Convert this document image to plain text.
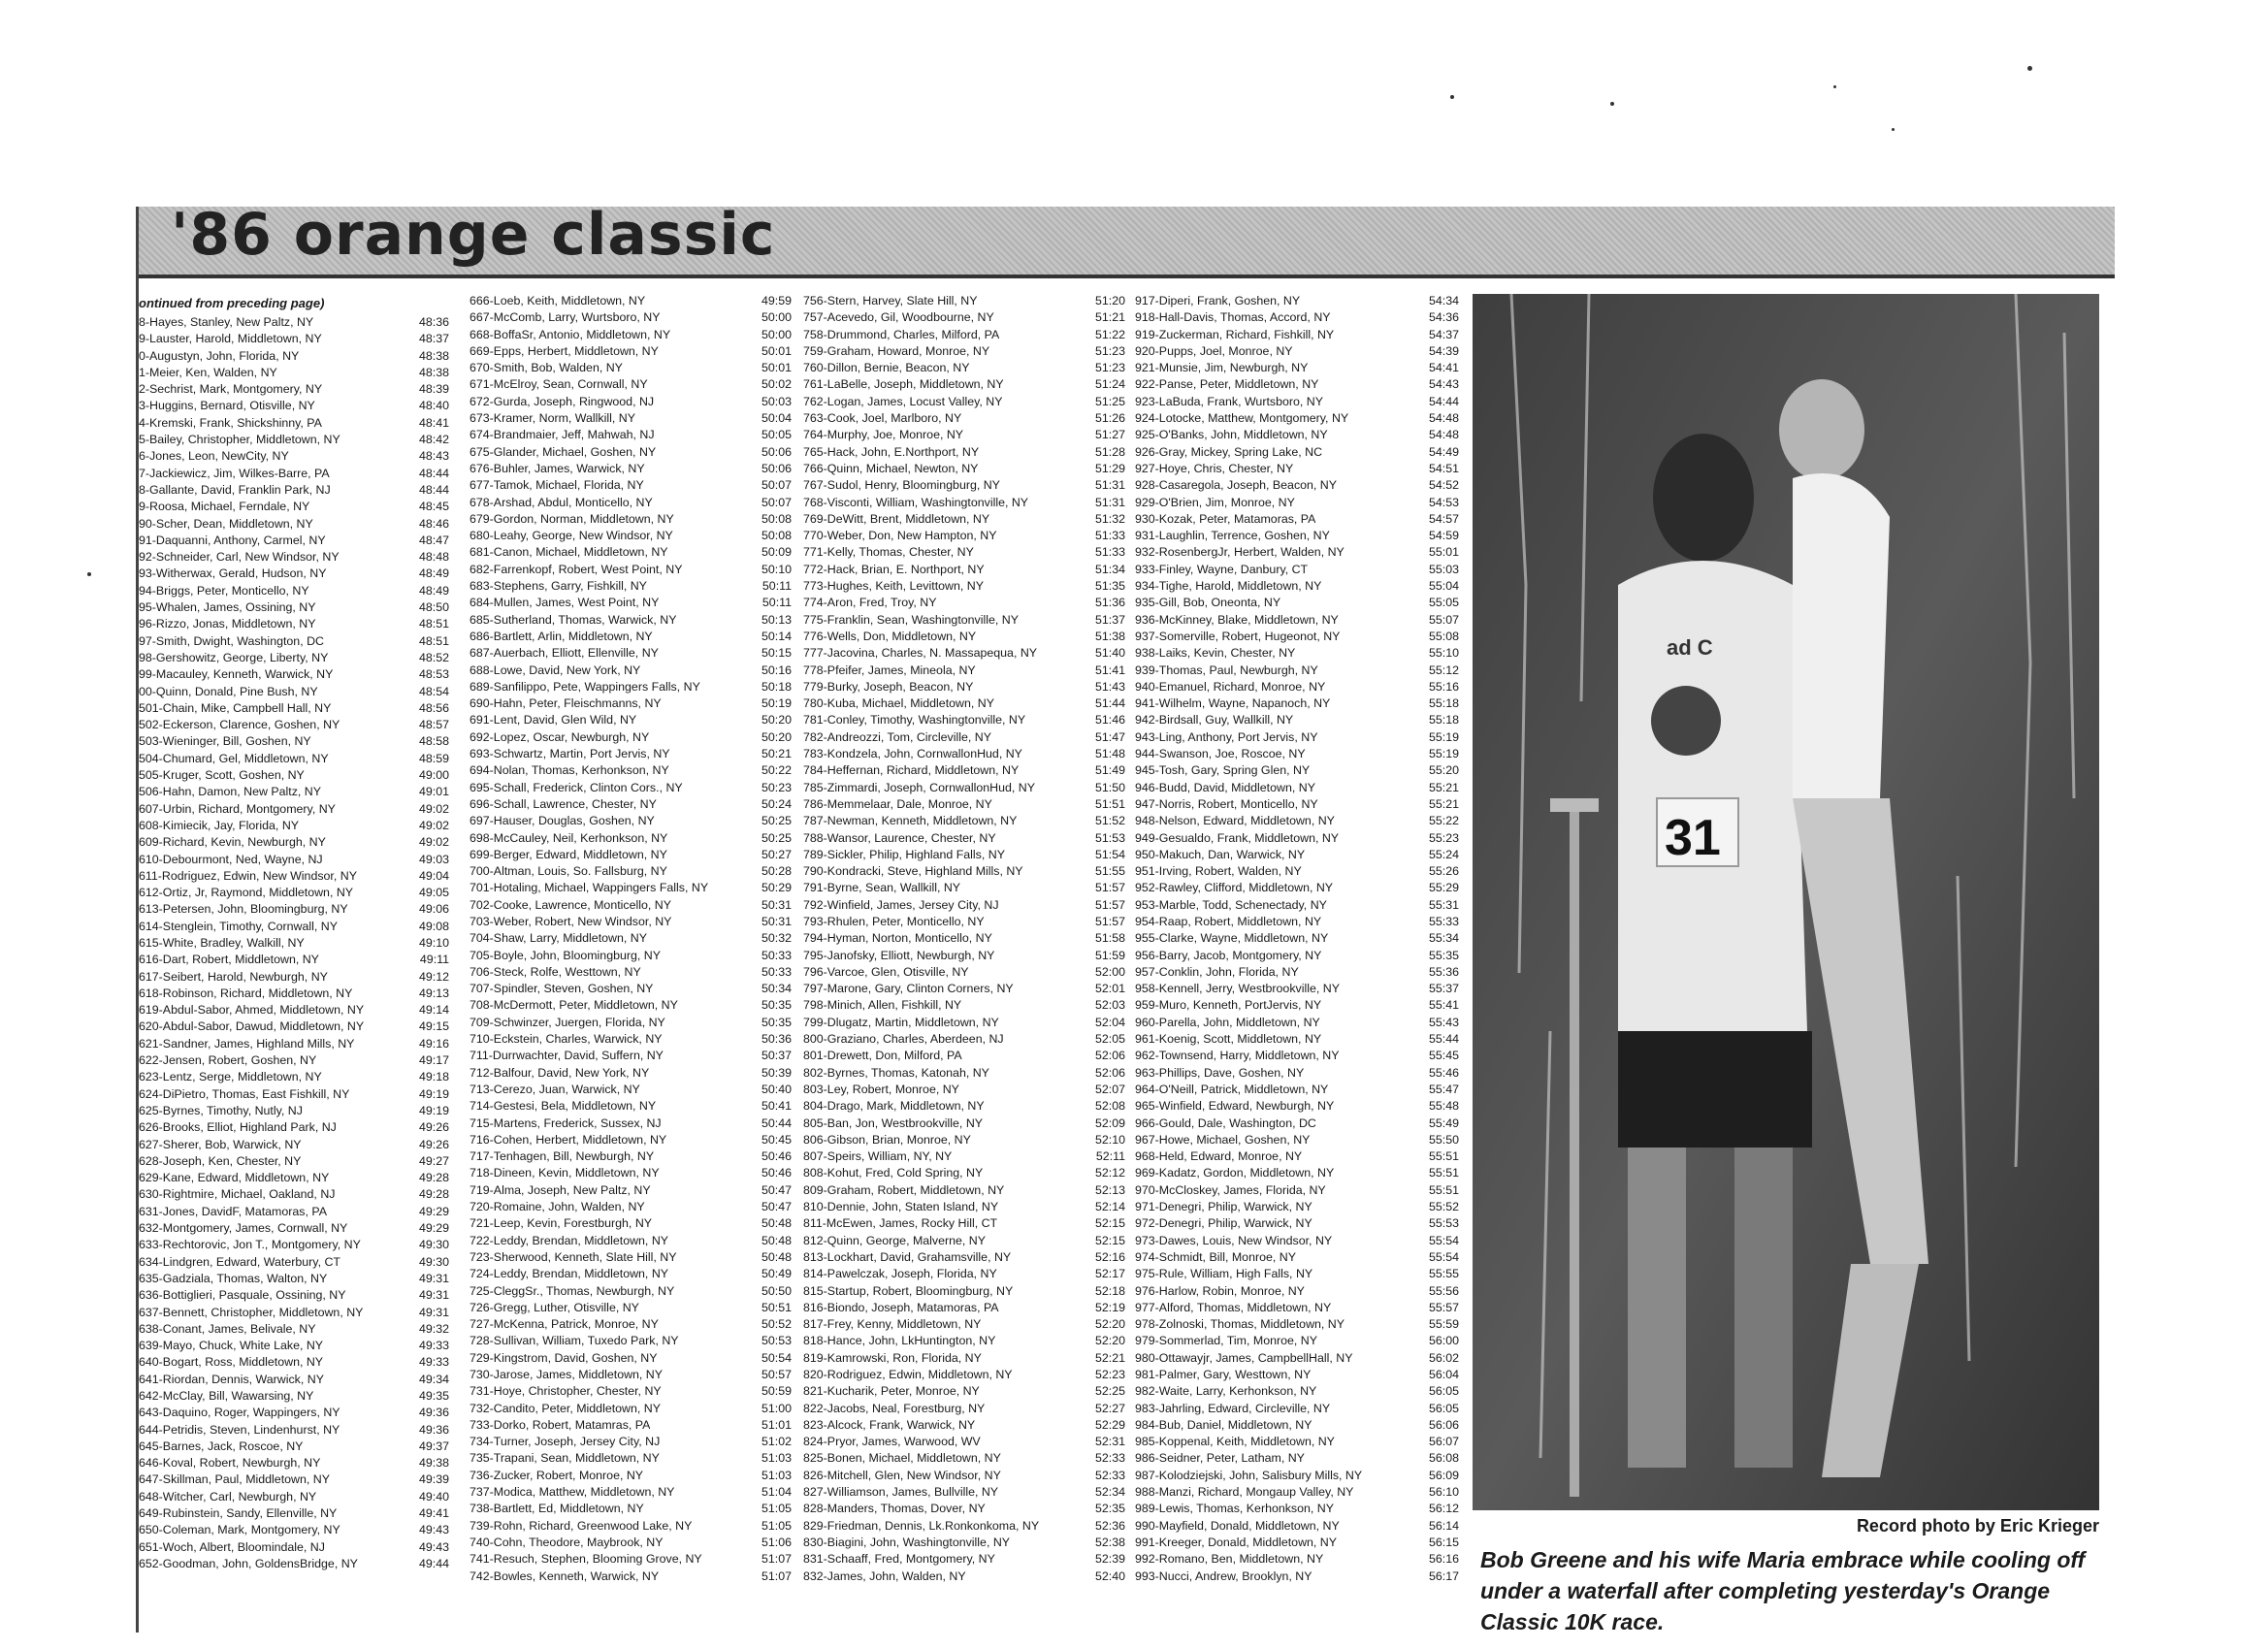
'86 orange classic
ontinued from preceding page)
8-Hayes, Stanley, New Paltz, NY	48:36
9-Lauster, Harold, Middletown, NY	48:37
0-Augustyn, John, Florida, NY	48:38
1-Meier, Ken, Walden, NY	48:38
2-Sechrist, Mark, Montgomery, NY	48:39
3-Huggins, Bernard, Otisville, NY	48:40
4-Kremski, Frank, Shickshinny, PA	48:41
5-Bailey, Christopher, Middletown, NY	48:42
6-Jones, Leon, NewCity, NY	48:43
7-Jackiewicz, Jim, Wilkes-Barre, PA	48:44
8-Gallante, David, Franklin Park, NJ	48:44
9-Roosa, Michael, Ferndale, NY	48:45
90-Scher, Dean, Middletown, NY	48:46
91-Daquanni, Anthony, Carmel, NY	48:47
92-Schneider, Carl, New Windsor, NY	48:48
93-Witherwax, Gerald, Hudson, NY	48:49
94-Briggs, Peter, Monticello, NY	48:49
95-Whalen, James, Ossining, NY	48:50
96-Rizzo, Jonas, Middletown, NY	48:51
97-Smith, Dwight, Washington, DC	48:51
98-Gershowitz, George, Liberty, NY	48:52
99-Macauley, Kenneth, Warwick, NY	48:53
00-Quinn, Donald, Pine Bush, NY	48:54
501-Chain, Mike, Campbell Hall, NY	48:56
502-Eckerson, Clarence, Goshen, NY	48:57
503-Wieninger, Bill, Goshen, NY	48:58
504-Chumard, Gel, Middletown, NY	48:59
505-Kruger, Scott, Goshen, NY	49:00
506-Hahn, Damon, New Paltz, NY	49:01
607-Urbin, Richard, Montgomery, NY	49:02
608-Kimiecik, Jay, Florida, NY	49:02
609-Richard, Kevin, Newburgh, NY	49:02
610-Debourmont, Ned, Wayne, NJ	49:03
611-Rodriguez, Edwin, New Windsor, NY	49:04
612-Ortiz, Jr, Raymond, Middletown, NY	49:05
613-Petersen, John, Bloomingburg, NY	49:06
614-Stenglein, Timothy, Cornwall, NY	49:08
615-White, Bradley, Walkill, NY	49:10
616-Dart, Robert, Middletown, NY	49:11
617-Seibert, Harold, Newburgh, NY	49:12
618-Robinson, Richard, Middletown, NY	49:13
619-Abdul-Sabor, Ahmed, Middletown, NY	49:14
620-Abdul-Sabor, Dawud, Middletown, NY	49:15
621-Sandner, James, Highland Mills, NY	49:16
622-Jensen, Robert, Goshen, NY	49:17
623-Lentz, Serge, Middletown, NY	49:18
624-DiPietro, Thomas, East Fishkill, NY	49:19
625-Byrnes, Timothy, Nutly, NJ	49:19
626-Brooks, Elliot, Highland Park, NJ	49:26
627-Sherer, Bob, Warwick, NY	49:26
628-Joseph, Ken, Chester, NY	49:27
629-Kane, Edward, Middletown, NY	49:28
630-Rightmire, Michael, Oakland, NJ	49:28
631-Jones, DavidF, Matamoras, PA	49:29
632-Montgomery, James, Cornwall, NY	49:29
633-Rechtorovic, Jon T., Montgomery, NY	49:30
634-Lindgren, Edward, Waterbury, CT	49:30
635-Gadziala, Thomas, Walton, NY	49:31
636-Bottiglieri, Pasquale, Ossining, NY	49:31
637-Bennett, Christopher, Middletown, NY	49:31
638-Conant, James, Belivale, NY	49:32
639-Mayo, Chuck, White Lake, NY	49:33
640-Bogart, Ross, Middletown, NY	49:33
641-Riordan, Dennis, Warwick, NY	49:34
642-McClay, Bill, Wawarsing, NY	49:35
643-Daquino, Roger, Wappingers, NY	49:36
644-Petridis, Steven, Lindenhurst, NY	49:36
645-Barnes, Jack, Roscoe, NY	49:37
646-Koval, Robert, Newburgh, NY	49:38
647-Skillman, Paul, Middletown, NY	49:39
648-Witcher, Carl, Newburgh, NY	49:40
649-Rubinstein, Sandy, Ellenville, NY	49:41
650-Coleman, Mark, Montgomery, NY	49:43
651-Woch, Albert, Bloomindale, NJ	49:43
652-Goodman, John, GoldensBridge, NY	49:44
666-Loeb, Keith, Middletown, NY	49:59
667-McComb, Larry, Wurtsboro, NY	50:00
668-BoffaSr, Antonio, Middletown, NY	50:00
669-Epps, Herbert, Middletown, NY	50:01
670-Smith, Bob, Walden, NY	50:01
671-McElroy, Sean, Cornwall, NY	50:02
672-Gurda, Joseph, Ringwood, NJ	50:03
673-Kramer, Norm, Wallkill, NY	50:04
674-Brandmaier, Jeff, Mahwah, NJ	50:05
675-Glander, Michael, Goshen, NY	50:06
676-Buhler, James, Warwick, NY	50:06
677-Tamok, Michael, Florida, NY	50:07
678-Arshad, Abdul, Monticello, NY	50:07
679-Gordon, Norman, Middletown, NY	50:08
680-Leahy, George, New Windsor, NY	50:08
681-Canon, Michael, Middletown, NY	50:09
682-Farrenkopf, Robert, West Point, NY	50:10
683-Stephens, Garry, Fishkill, NY	50:11
684-Mullen, James, West Point, NY	50:11
685-Sutherland, Thomas, Warwick, NY	50:13
686-Bartlett, Arlin, Middletown, NY	50:14
687-Auerbach, Elliott, Ellenville, NY	50:15
688-Lowe, David, New York, NY	50:16
689-Sanfilippo, Pete, Wappingers Falls, NY	50:18
690-Hahn, Peter, Fleischmanns, NY	50:19
691-Lent, David, Glen Wild, NY	50:20
692-Lopez, Oscar, Newburgh, NY	50:20
693-Schwartz, Martin, Port Jervis, NY	50:21
694-Nolan, Thomas, Kerhonkson, NY	50:22
695-Schall, Frederick, Clinton Cors., NY	50:23
696-Schall, Lawrence, Chester, NY	50:24
697-Hauser, Douglas, Goshen, NY	50:25
698-McCauley, Neil, Kerhonkson, NY	50:25
699-Berger, Edward, Middletown, NY	50:27
700-Altman, Louis, So. Fallsburg, NY	50:28
701-Hotaling, Michael, Wappingers Falls, NY	50:29
702-Cooke, Lawrence, Monticello, NY	50:31
703-Weber, Robert, New Windsor, NY	50:31
704-Shaw, Larry, Middletown, NY	50:32
705-Boyle, John, Bloomingburg, NY	50:33
706-Steck, Rolfe, Westtown, NY	50:33
707-Spindler, Steven, Goshen, NY	50:34
708-McDermott, Peter, Middletown, NY	50:35
709-Schwinzer, Juergen, Florida, NY	50:35
710-Eckstein, Charles, Warwick, NY	50:36
711-Durrwachter, David, Suffern, NY	50:37
712-Balfour, David, New York, NY	50:39
713-Cerezo, Juan, Warwick, NY	50:40
714-Gestesi, Bela, Middletown, NY	50:41
715-Martens, Frederick, Sussex, NJ	50:44
716-Cohen, Herbert, Middletown, NY	50:45
717-Tenhagen, Bill, Newburgh, NY	50:46
718-Dineen, Kevin, Middletown, NY	50:46
719-Alma, Joseph, New Paltz, NY	50:47
720-Romaine, John, Walden, NY	50:47
721-Leep, Kevin, Forestburgh, NY	50:48
722-Leddy, Brendan, Middletown, NY	50:48
723-Sherwood, Kenneth, Slate Hill, NY	50:48
724-Leddy, Brendan, Middletown, NY	50:49
725-CleggSr., Thomas, Newburgh, NY	50:50
726-Gregg, Luther, Otisville, NY	50:51
727-McKenna, Patrick, Monroe, NY	50:52
728-Sullivan, William, Tuxedo Park, NY	50:53
729-Kingstrom, David, Goshen, NY	50:54
730-Jarose, James, Middletown, NY	50:57
731-Hoye, Christopher, Chester, NY	50:59
732-Candito, Peter, Middletown, NY	51:00
733-Dorko, Robert, Matamras, PA	51:01
734-Turner, Joseph, Jersey City, NJ	51:02
735-Trapani, Sean, Middletown, NY	51:03
736-Zucker, Robert, Monroe, NY	51:03
737-Modica, Matthew, Middletown, NY	51:04
738-Bartlett, Ed, Middletown, NY	51:05
739-Rohn, Richard, Greenwood Lake, NY	51:05
740-Cohn, Theodore, Maybrook, NY	51:06
741-Resuch, Stephen, Blooming Grove, NY	51:07
742-Bowles, Kenneth, Warwick, NY	51:07
756-Stern, Harvey, Slate Hill, NY	51:20
757-Acevedo, Gil, Woodbourne, NY	51:21
758-Drummond, Charles, Milford, PA	51:22
759-Graham, Howard, Monroe, NY	51:23
760-Dillon, Bernie, Beacon, NY	51:23
761-LaBelle, Joseph, Middletown, NY	51:24
762-Logan, James, Locust Valley, NY	51:25
763-Cook, Joel, Marlboro, NY	51:26
764-Murphy, Joe, Monroe, NY	51:27
765-Hack, John, E.Northport, NY	51:28
766-Quinn, Michael, Newton, NY	51:29
767-Sudol, Henry, Bloomingburg, NY	51:31
768-Visconti, William, Washingtonville, NY	51:31
769-DeWitt, Brent, Middletown, NY	51:32
770-Weber, Don, New Hampton, NY	51:33
771-Kelly, Thomas, Chester, NY	51:33
772-Hack, Brian, E. Northport, NY	51:34
773-Hughes, Keith, Levittown, NY	51:35
774-Aron, Fred, Troy, NY	51:36
775-Franklin, Sean, Washingtonville, NY	51:37
776-Wells, Don, Middletown, NY	51:38
777-Jacovina, Charles, N. Massapequa, NY	51:40
778-Pfeifer, James, Mineola, NY	51:41
779-Burky, Joseph, Beacon, NY	51:43
780-Kuba, Michael, Middletown, NY	51:44
781-Conley, Timothy, Washingtonville, NY	51:46
782-Andreozzi, Tom, Circleville, NY	51:47
783-Kondzela, John, CornwallonHud, NY	51:48
784-Heffernan, Richard, Middletown, NY	51:49
785-Zimmardi, Joseph, CornwallonHud, NY	51:50
786-Memmelaar, Dale, Monroe, NY	51:51
787-Newman, Kenneth, Middletown, NY	51:52
788-Wansor, Laurence, Chester, NY	51:53
789-Sickler, Philip, Highland Falls, NY	51:54
790-Kondracki, Steve, Highland Mills, NY	51:55
791-Byrne, Sean, Wallkill, NY	51:57
792-Winfield, James, Jersey City, NJ	51:57
793-Rhulen, Peter, Monticello, NY	51:57
794-Hyman, Norton, Monticello, NY	51:58
795-Janofsky, Elliott, Newburgh, NY	51:59
796-Varcoe, Glen, Otisville, NY	52:00
797-Marone, Gary, Clinton Corners, NY	52:01
798-Minich, Allen, Fishkill, NY	52:03
799-Dlugatz, Martin, Middletown, NY	52:04
800-Graziano, Charles, Aberdeen, NJ	52:05
801-Drewett, Don, Milford, PA	52:06
802-Byrnes, Thomas, Katonah, NY	52:06
803-Ley, Robert, Monroe, NY	52:07
804-Drago, Mark, Middletown, NY	52:08
805-Ban, Jon, Westbrookville, NY	52:09
806-Gibson, Brian, Monroe, NY	52:10
807-Speirs, William, NY, NY	52:11
808-Kohut, Fred, Cold Spring, NY	52:12
809-Graham, Robert, Middletown, NY	52:13
810-Dennie, John, Staten Island, NY	52:14
811-McEwen, James, Rocky Hill, CT	52:15
812-Quinn, George, Malverne, NY	52:15
813-Lockhart, David, Grahamsville, NY	52:16
814-Pawelczak, Joseph, Florida, NY	52:17
815-Startup, Robert, Bloomingburg, NY	52:18
816-Biondo, Joseph, Matamoras, PA	52:19
817-Frey, Kenny, Middletown, NY	52:20
818-Hance, John, LkHuntington, NY	52:20
819-Kamrowski, Ron, Florida, NY	52:21
820-Rodriguez, Edwin, Middletown, NY	52:23
821-Kucharik, Peter, Monroe, NY	52:25
822-Jacobs, Neal, Forestburg, NY	52:27
823-Alcock, Frank, Warwick, NY	52:29
824-Pryor, James, Warwood, WV	52:31
825-Bonen, Michael, Middletown, NY	52:33
826-Mitchell, Glen, New Windsor, NY	52:33
827-Williamson, James, Bullville, NY	52:34
828-Manders, Thomas, Dover, NY	52:35
829-Friedman, Dennis, Lk.Ronkonkoma, NY	52:36
830-Biagini, John, Washingtonville, NY	52:38
831-Schaaff, Fred, Montgomery, NY	52:39
832-James, John, Walden, NY	52:40
917-Diperi, Frank, Goshen, NY	54:34
918-Hall-Davis, Thomas, Accord, NY	54:36
919-Zuckerman, Richard, Fishkill, NY	54:37
920-Pupps, Joel, Monroe, NY	54:39
921-Munsie, Jim, Newburgh, NY	54:41
922-Panse, Peter, Middletown, NY	54:43
923-LaBuda, Frank, Wurtsboro, NY	54:44
924-Lotocke, Matthew, Montgomery, NY	54:48
925-O'Banks, John, Middletown, NY	54:48
926-Gray, Mickey, Spring Lake, NC	54:49
927-Hoye, Chris, Chester, NY	54:51
928-Casaregola, Joseph, Beacon, NY	54:52
929-O'Brien, Jim, Monroe, NY	54:53
930-Kozak, Peter, Matamoras, PA	54:57
931-Laughlin, Terrence, Goshen, NY	54:59
932-RosenbergJr, Herbert, Walden, NY	55:01
933-Finley, Wayne, Danbury, CT	55:03
934-Tighe, Harold, Middletown, NY	55:04
935-Gill, Bob, Oneonta, NY	55:05
936-McKinney, Blake, Middletown, NY	55:07
937-Somerville, Robert, Hugeonot, NY	55:08
938-Laiks, Kevin, Chester, NY	55:10
939-Thomas, Paul, Newburgh, NY	55:12
940-Emanuel, Richard, Monroe, NY	55:16
941-Wilhelm, Wayne, Napanoch, NY	55:18
942-Birdsall, Guy, Wallkill, NY	55:18
943-Ling, Anthony, Port Jervis, NY	55:19
944-Swanson, Joe, Roscoe, NY	55:19
945-Tosh, Gary, Spring Glen, NY	55:20
946-Budd, David, Middletown, NY	55:21
947-Norris, Robert, Monticello, NY	55:21
948-Nelson, Edward, Middletown, NY	55:22
949-Gesualdo, Frank, Middletown, NY	55:23
950-Makuch, Dan, Warwick, NY	55:24
951-Irving, Robert, Walden, NY	55:26
952-Rawley, Clifford, Middletown, NY	55:29
953-Marble, Todd, Schenectady, NY	55:31
954-Raap, Robert, Middletown, NY	55:33
955-Clarke, Wayne, Middletown, NY	55:34
956-Barry, Jacob, Montgomery, NY	55:35
957-Conklin, John, Florida, NY	55:36
958-Kennell, Jerry, Westbrookville, NY	55:37
959-Muro, Kenneth, PortJervis, NY	55:41
960-Parella, John, Middletown, NY	55:43
961-Koenig, Scott, Middletown, NY	55:44
962-Townsend, Harry, Middletown, NY	55:45
963-Phillips, Dave, Goshen, NY	55:46
964-O'Neill, Patrick, Middletown, NY	55:47
965-Winfield, Edward, Newburgh, NY	55:48
966-Gould, Dale, Washington, DC	55:49
967-Howe, Michael, Goshen, NY	55:50
968-Held, Edward, Monroe, NY	55:51
969-Kadatz, Gordon, Middletown, NY	55:51
970-McCloskey, James, Florida, NY	55:51
971-Denegri, Philip, Warwick, NY	55:52
972-Denegri, Philip, Warwick, NY	55:53
973-Dawes, Louis, New Windsor, NY	55:54
974-Schmidt, Bill, Monroe, NY	55:54
975-Rule, William, High Falls, NY	55:55
976-Harlow, Robin, Monroe, NY	55:56
977-Alford, Thomas, Middletown, NY	55:57
978-Zolnoski, Thomas, Middletown, NY	55:59
979-Sommerlad, Tim, Monroe, NY	56:00
980-Ottawayjr, James, CampbellHall, NY	56:02
981-Palmer, Gary, Westtown, NY	56:04
982-Waite, Larry, Kerhonkson, NY	56:05
983-Jahrling, Edward, Circleville, NY	56:05
984-Bub, Daniel, Middletown, NY	56:06
985-Koppenal, Keith, Middletown, NY	56:07
986-Seidner, Peter, Latham, NY	56:08
987-Kolodziejski, John, Salisbury Mills, NY	56:09
988-Manzi, Richard, Mongaup Valley, NY	56:10
989-Lewis, Thomas, Kerhonkson, NY	56:12
990-Mayfield, Donald, Middletown, NY	56:14
991-Kreeger, Donald, Middletown, NY	56:15
992-Romano, Ben, Middletown, NY	56:16
993-Nucci, Andrew, Brooklyn, NY	56:17
ad C
31
Record photo by Eric Krieger
Bob Greene and his wife Maria embrace while cooling off under a waterfall after completing yesterday's Orange Classic 10K race.
